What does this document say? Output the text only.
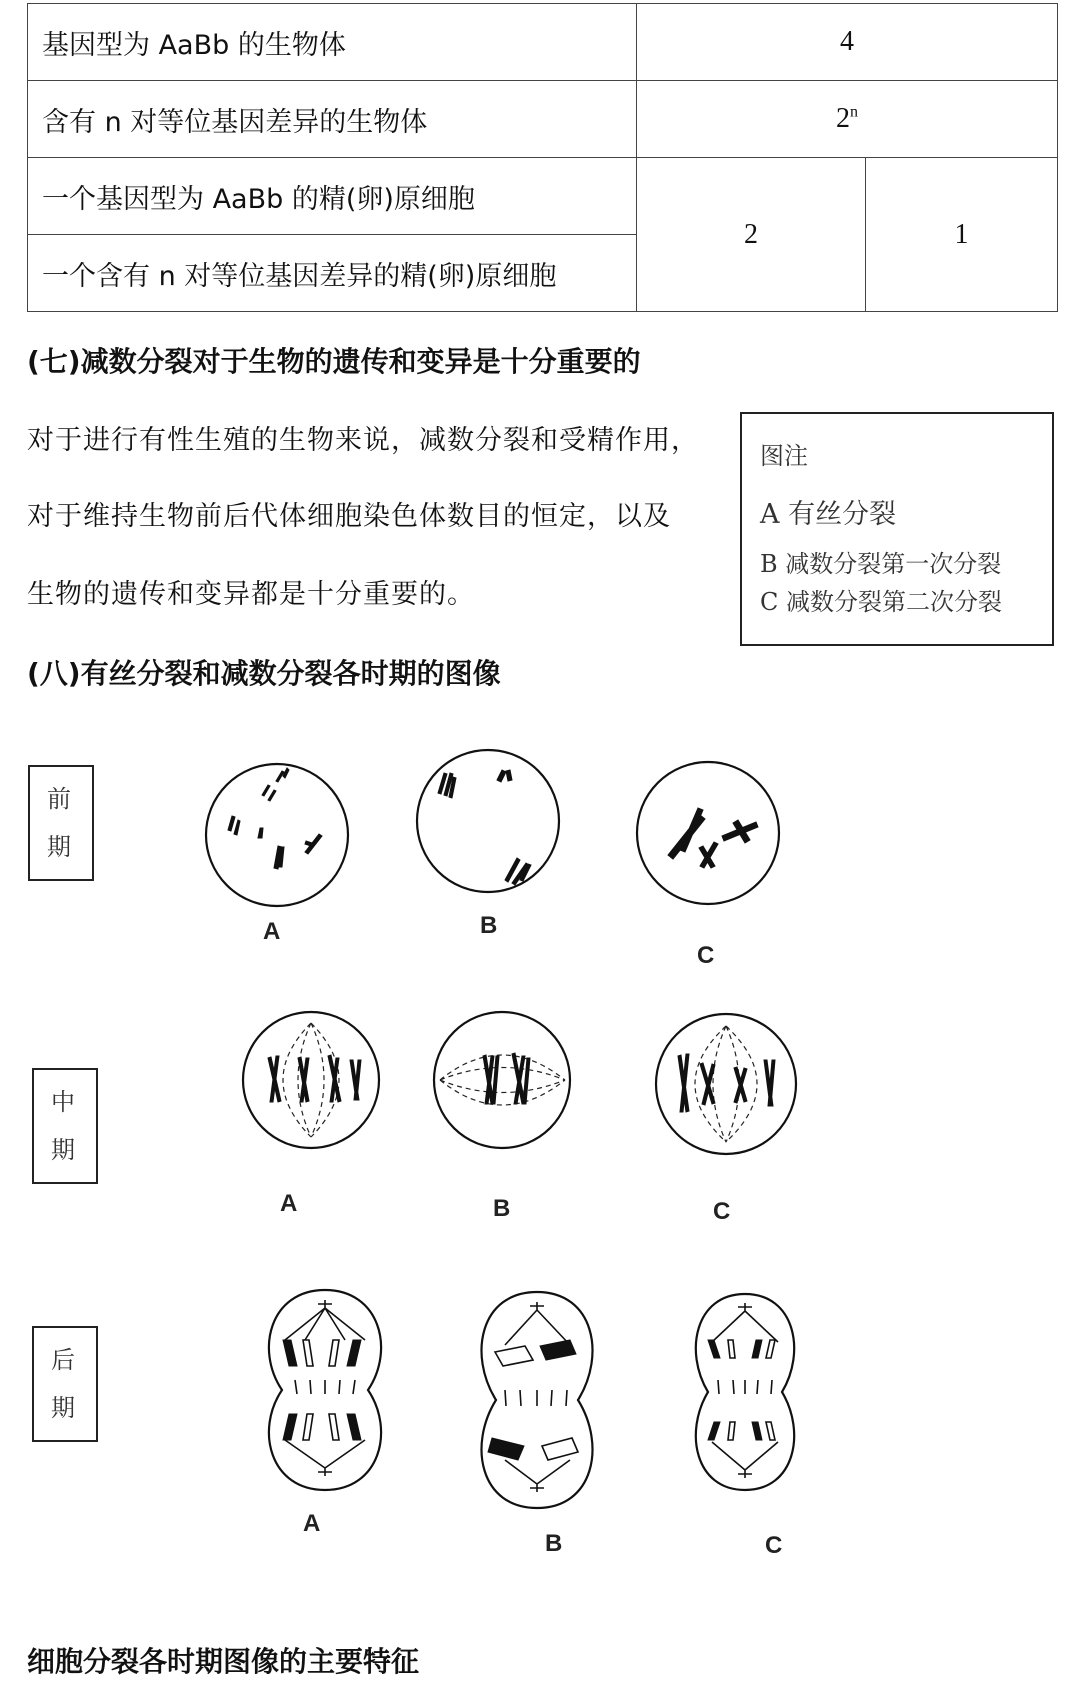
基因型为 AaBb 的生物体	4	
含有 n 对等位基因差异的生物体	2$^n$
一个基因型为 AaBb 的精(卵)原细胞	2	1
一个含有 n 对等位基因差异的精(卵)原细胞		
(七)减数分裂对于生物的遗传和变异是十分重要的
对于进行有性生殖的生物来说，减数分裂和受精作用，
对于维持生物前后代体细胞染色体数目的恒定，以及
生物的遗传和变异都是十分重要的。
图注
A 有丝分裂
B 减数分裂第一次分裂
C 减数分裂第二次分裂
(八)有丝分裂和减数分裂各时期的图像
前
期
中
期
后
期
A	B
C
A	B	C
A
B	C
细胞分裂各时期图像的主要特征
